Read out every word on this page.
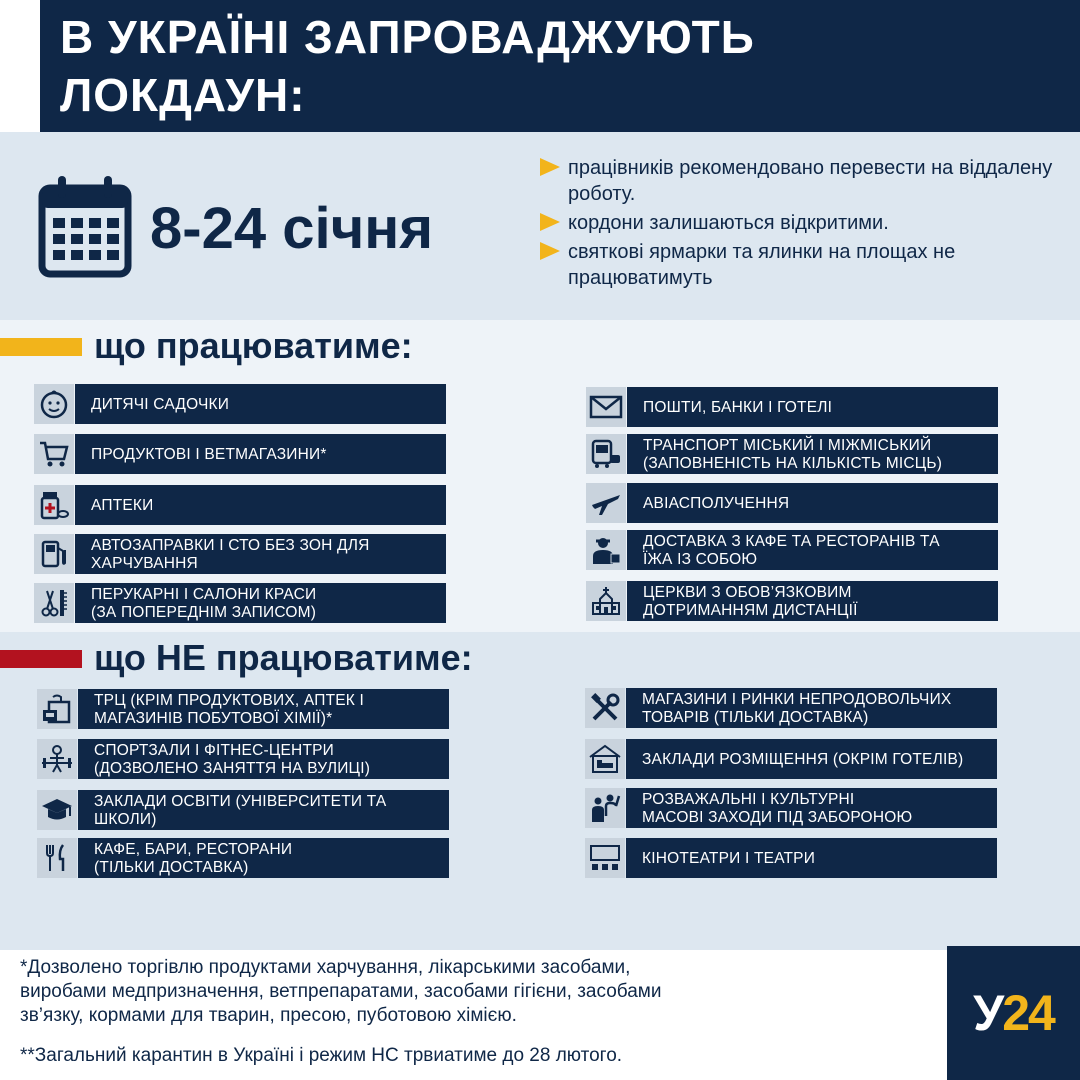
В УКРАЇНІ ЗАПРОВАДЖУЮТЬ
ЛОКДАУН:
8-24 січня
працівників рекомендовано перевести на віддалену роботу.
кордони залишаються відкритими.
святкові ярмарки та ялинки на площах не працюватимуть
що працюватиме:
ДИТЯЧІ САДОЧКИ
ПРОДУКТОВІ І ВЕТМАГАЗИНИ*
АПТЕКИ
АВТОЗАПРАВКИ І СТО БЕЗ ЗОН ДЛЯ
ХАРЧУВАННЯ
ПЕРУКАРНІ І САЛОНИ КРАСИ
(ЗА ПОПЕРЕДНІМ ЗАПИСОМ)
ПОШТИ, БАНКИ І ГОТЕЛІ
ТРАНСПОРТ МІСЬКИЙ І МІЖМІСЬКИЙ
(ЗАПОВНЕНІСТЬ НА КІЛЬКІСТЬ МІСЦЬ)
АВІАСПОЛУЧЕННЯ
ДОСТАВКА З КАФЕ ТА РЕСТОРАНІВ ТА
ЇЖА ІЗ СОБОЮ
ЦЕРКВИ З ОБОВ’ЯЗКОВИМ
ДОТРИМАННЯМ ДИСТАНЦІЇ
що НЕ працюватиме:
ТРЦ (КРІМ ПРОДУКТОВИХ, АПТЕК І
МАГАЗИНІВ ПОБУТОВОЇ ХІМІЇ)*
СПОРТЗАЛИ І ФІТНЕС-ЦЕНТРИ
(ДОЗВОЛЕНО ЗАНЯТТЯ НА ВУЛИЦІ)
ЗАКЛАДИ ОСВІТИ (УНІВЕРСИТЕТИ ТА
ШКОЛИ)
КАФЕ, БАРИ, РЕСТОРАНИ
(ТІЛЬКИ ДОСТАВКА)
МАГАЗИНИ І РИНКИ НЕПРОДОВОЛЬЧИХ
ТОВАРІВ (ТІЛЬКИ ДОСТАВКА)
ЗАКЛАДИ РОЗМІЩЕННЯ (ОКРІМ ГОТЕЛІВ)
РОЗВАЖАЛЬНІ І КУЛЬТУРНІ
МАСОВІ ЗАХОДИ ПІД ЗАБОРОНОЮ
КІНОТЕАТРИ І ТЕАТРИ
*Дозволено торгівлю продуктами харчування, лікарськими засобами,
виробами медпризначення, ветпрепаратами, засобами гігієни, засобами
зв’язку, кормами для тварин, пресою, пуботовою хімією.
**Загальний карантин в Україні і режим НС трвиатиме до 28 лютого.
У 24
